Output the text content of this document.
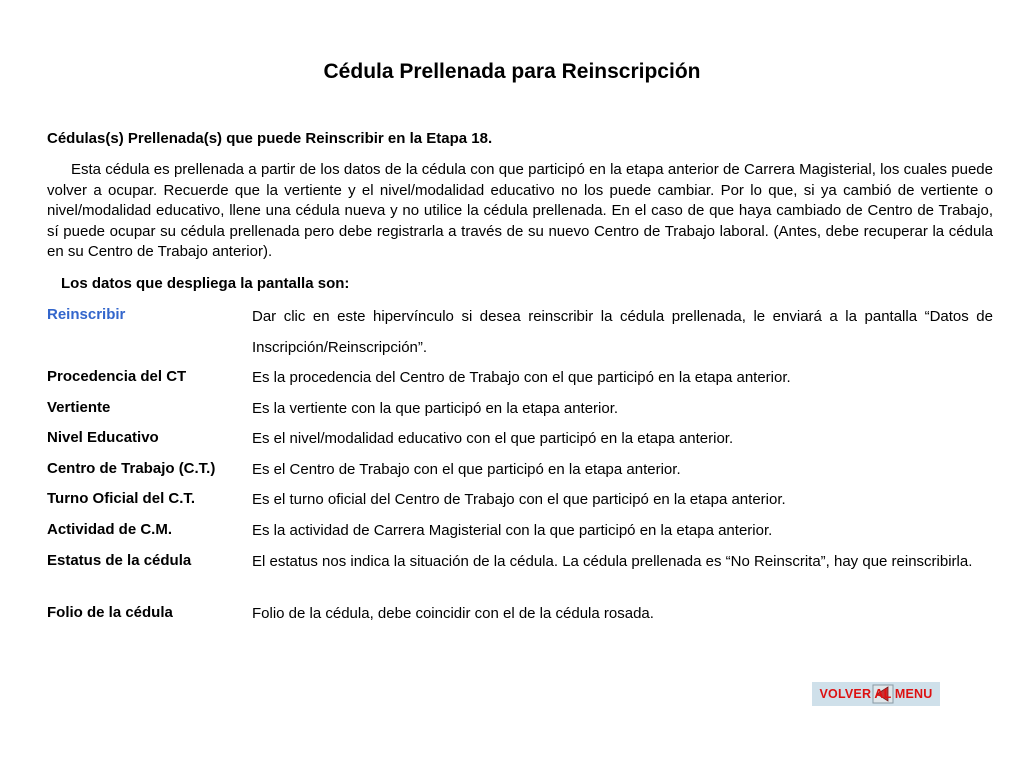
Cédula Prellenada para Reinscripción
Cédulas(s) Prellenada(s) que puede Reinscribir en la Etapa 18.
Esta cédula es prellenada a partir de los datos de la cédula con que participó en la etapa anterior de Carrera Magisterial, los cuales puede volver a ocupar. Recuerde que la vertiente y el nivel/modalidad educativo no los puede cambiar. Por lo que, si ya cambió de vertiente o nivel/modalidad educativo, llene una cédula nueva y no utilice la cédula prellenada. En el caso de que haya cambiado de Centro de Trabajo, sí puede ocupar su cédula prellenada pero debe registrarla a través de su nuevo Centro de Trabajo laboral. (Antes, debe recuperar la cédula en su Centro de Trabajo anterior).
Los datos que despliega la pantalla son:
Reinscribir	Dar clic en este hipervínculo si desea reinscribir la cédula prellenada, le enviará a la pantalla “Datos de Inscripción/Reinscripción”.
Procedencia del CT	Es la procedencia del Centro de Trabajo con el que participó en la etapa anterior.
Vertiente	Es la vertiente con la que participó en la etapa anterior.
Nivel Educativo	Es el nivel/modalidad educativo con el que participó en la etapa anterior.
Centro de Trabajo (C.T.) Es el Centro de Trabajo con el que participó en la etapa anterior.
Turno Oficial del C.T.	Es el turno oficial del Centro de Trabajo con el que participó en la etapa anterior.
Actividad de C.M.	Es la actividad de Carrera Magisterial con la que participó en la etapa anterior.
Estatus de la cédula	El estatus nos indica la situación de la cédula. La cédula prellenada es “No Reinscrita”, hay que reinscribirla.
Folio de la cédula	Folio de la cédula, debe coincidir con el de la cédula rosada.
VOLVER AL MENU
